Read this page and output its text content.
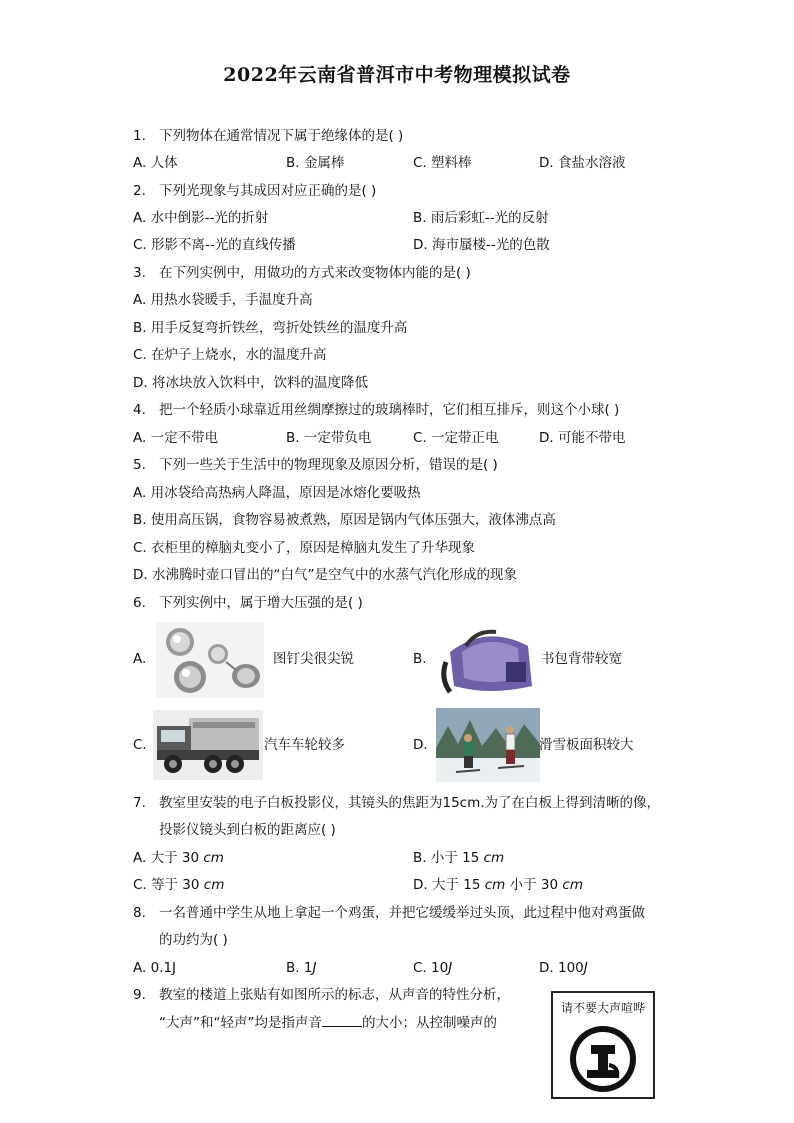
2022年云南省普洱市中考物理模拟试卷
1. 下列物体在通常情况下属于绝缘体的是( )
A. 人体	B. 金属棒	C. 塑料棒	D. 食盐水溶液
2. 下列光现象与其成因对应正确的是( )
A. 水中倒影--光的折射	B. 雨后彩虹--光的反射
C. 形影不离--光的直线传播	D. 海市蜃楼--光的色散
3. 在下列实例中，用做功的方式来改变物体内能的是( )
A. 用热水袋暖手，手温度升高
B. 用手反复弯折铁丝，弯折处铁丝的温度升高
C. 在炉子上烧水，水的温度升高
D. 将冰块放入饮料中，饮料的温度降低
4. 把一个轻质小球靠近用丝绸摩擦过的玻璃棒时，它们相互排斥，则这个小球( )
A. 一定不带电	B. 一定带负电	C. 一定带正电	D. 可能不带电
5. 下列一些关于生活中的物理现象及原因分析，错误的是( )
A. 用冰袋给高热病人降温，原因是冰熔化要吸热
B. 使用高压锅，食物容易被煮熟，原因是锅内气体压强大，液体沸点高
C. 衣柜里的樟脑丸变小了，原因是樟脑丸发生了升华现象
D. 水沸腾时壶口冒出的“白气”是空气中的水蒸气汽化形成的现象
6. 下列实例中，属于增大压强的是( )
A.	图钉尖很尖锐	B.	书包背带较宽
C.	汽车车轮较多	D.	滑雪板面积较大
7. 教室里安装的电子白板投影仪，其镜头的焦距为15cm.为了在白板上得到清晰的像，
投影仪镜头到白板的距离应( )
A. 大于 30 cm	B. 小于 15 cm
C. 等于 30 cm	D. 大于 15 cm 小于 30 cm
8. 一名普通中学生从地上拿起一个鸡蛋，并把它缓缓举过头顶，此过程中他对鸡蛋做
的功约为( )
A. 0.1J	B. 1J	C. 10J	D. 100J
9. 教室的楼道上张贴有如图所示的标志，从声音的特性分析，
“大声”和“轻声”均是指声音	的大小；从控制噪声的
请不要大声喧哗
